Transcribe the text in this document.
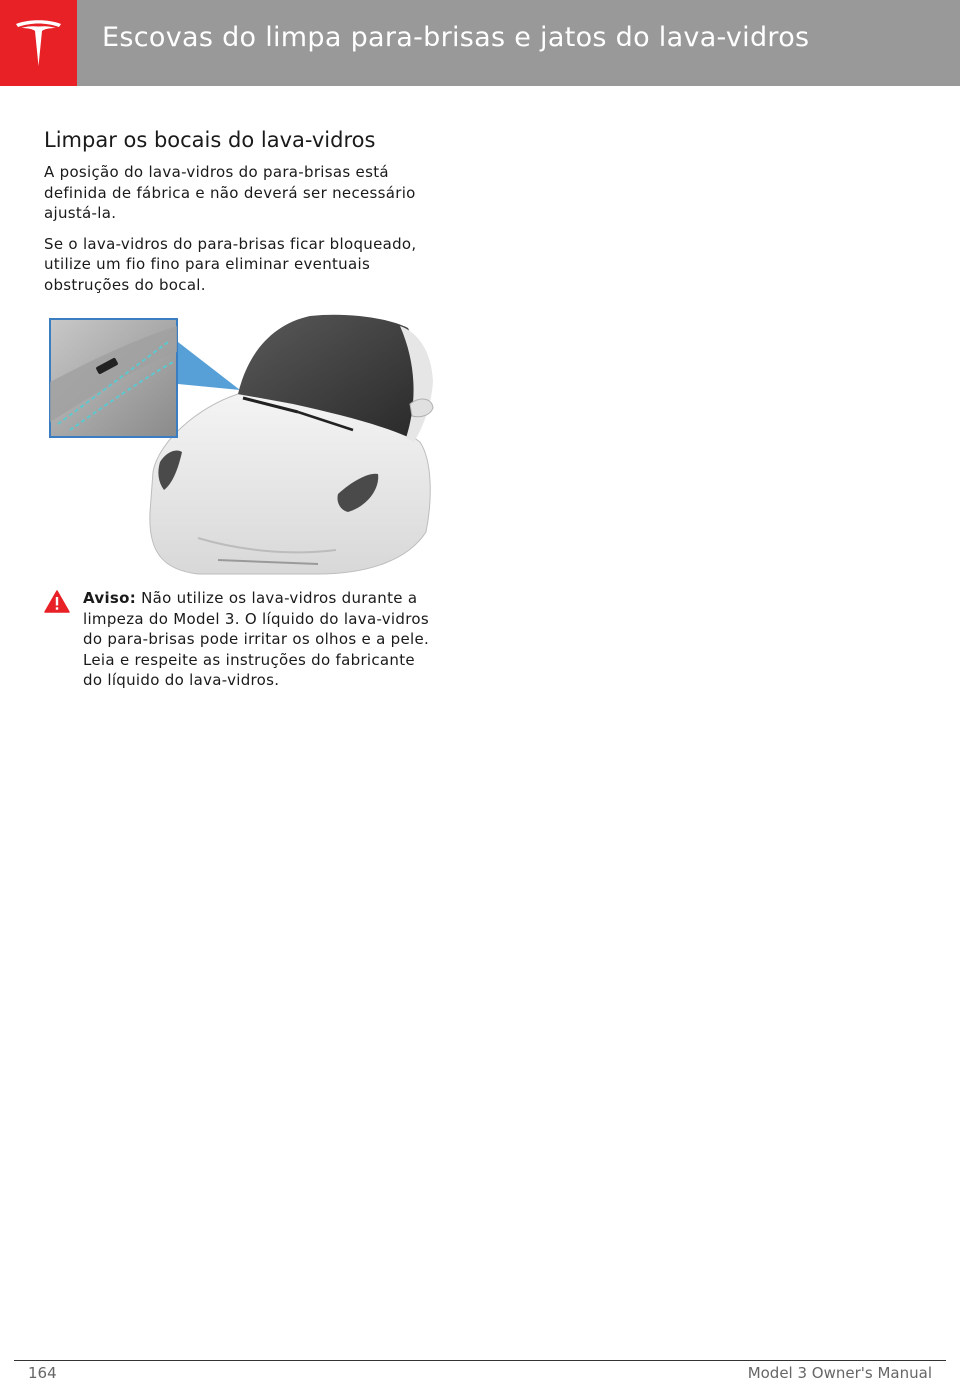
Escovas do limpa para-brisas e jatos do lava-vidros
Limpar os bocais do lava-vidros

A posição do lava-vidros do para-brisas está definida de fábrica e não deverá ser necessário ajustá-la.

Se o lava-vidros do para-brisas ficar bloqueado, utilize um fio fino para eliminar eventuais obstruções do bocal.

Aviso: Não utilize os lava-vidros durante a limpeza do Model 3. O líquido do lava-vidros do para-brisas pode irritar os olhos e a pele. Leia e respeite as instruções do fabricante do líquido do lava-vidros.
164	Model 3 Owner's Manual
